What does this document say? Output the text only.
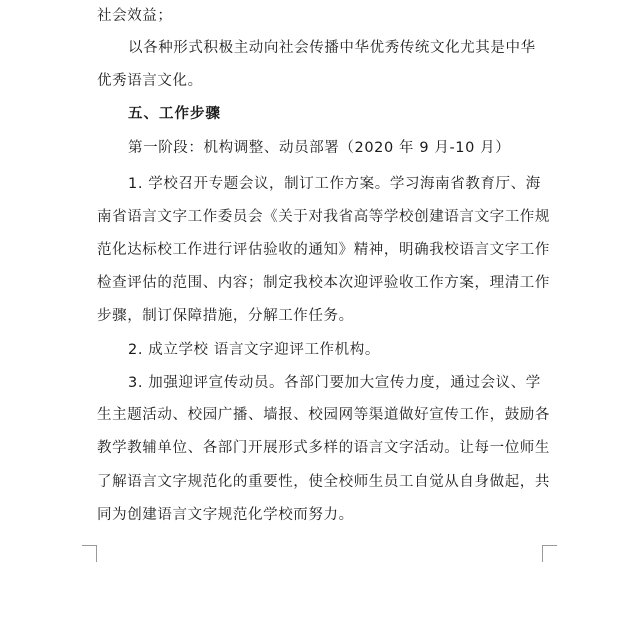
社会效益；
以各种形式积极主动向社会传播中华优秀传统文化尤其是中华
优秀语言文化。
五、工作步骤
第一阶段：机构调整、动员部署（2020 年 9 月-10 月）
1. 学校召开专题会议，制订工作方案。学习海南省教育厅、海
南省语言文字工作委员会《关于对我省高等学校创建语言文字工作规
范化达标校工作进行评估验收的通知》精神，明确我校语言文字工作
检查评估的范围、内容；制定我校本次迎评验收工作方案，理清工作
步骤，制订保障措施，分解工作任务。
2. 成立学校 语言文字迎评工作机构。
3. 加强迎评宣传动员。各部门要加大宣传力度，通过会议、学
生主题活动、校园广播、墙报、校园网等渠道做好宣传工作，鼓励各
教学教辅单位、各部门开展形式多样的语言文字活动。让每一位师生
了解语言文字规范化的重要性，使全校师生员工自觉从自身做起，共
同为创建语言文字规范化学校而努力。
